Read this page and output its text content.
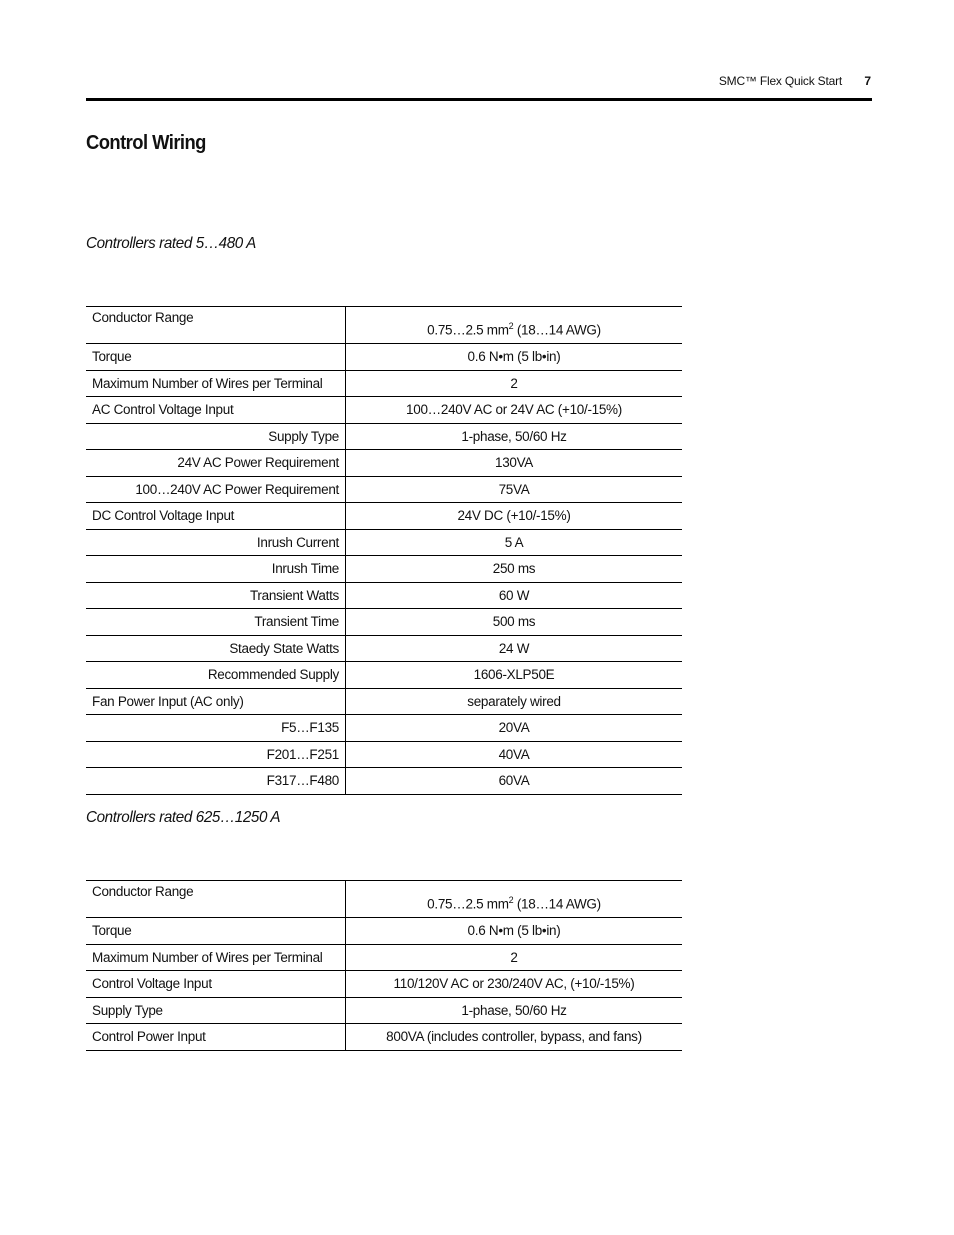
SMC™ Flex Quick Start 7
Control Wiring
Controllers rated 5…480 A
Conductor Range	0.75…2.5 $mm^2$ (18…14 AWG)
Torque	0.6 N•m (5 lb•in)
Maximum Number of Wires per Terminal	2
AC Control Voltage Input	100…240V AC or 24V AC (+10/-15%)
Supply Type	1-phase, 50/60 Hz
24V AC Power Requirement	130VA
100…240V AC Power Requirement	75VA
DC Control Voltage Input	24V DC (+10/-15%)
Inrush Current	5 A
Inrush Time	250 ms
Transient Watts	60 W
Transient Time	500 ms
Staedy State Watts	24 W
Recommended Supply	1606-XLP50E
Fan Power Input (AC only)	separately wired
F5…F135	20VA
F201…F251	40VA
F317…F480	60VA
Controllers rated 625…1250 A
Conductor Range	0.75…2.5 $mm^2$ (18…14 AWG)
Torque	0.6 N•m (5 lb•in)
Maximum Number of Wires per Terminal	2
Control Voltage Input	110/120V AC or 230/240V AC, (+10/-15%)
Supply Type	1-phase, 50/60 Hz
Control Power Input	800VA (includes controller, bypass, and fans)
